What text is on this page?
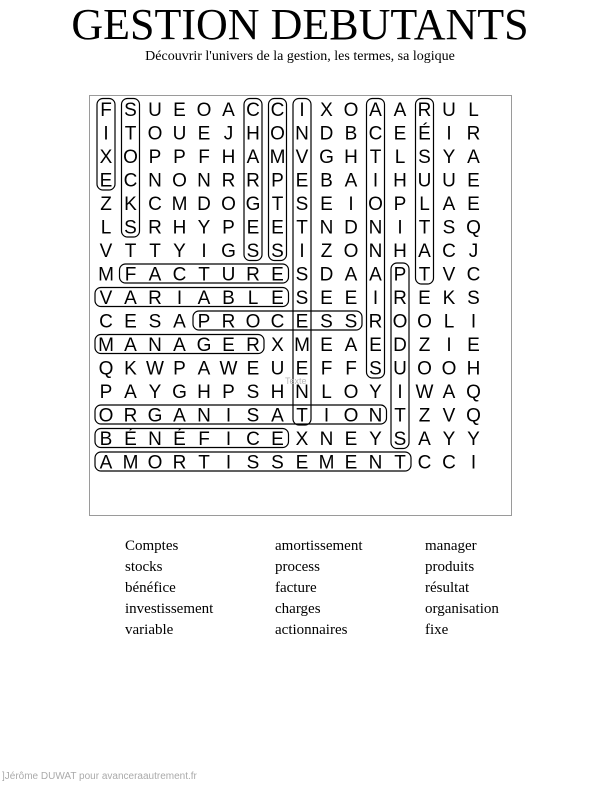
GESTION DEBUTANTS
Découvrir l'univers de la gestion, les termes, sa logique
F S U E O A C C I X O A A R U L
I T O U E J H O N D B C E É I R
X O P P F H A M V G H T L S Y A
E C N O N R R P E B A I H U U E
Z K C M D O G T S E I O P L A E
L S R H Y P E E T N D N I T S Q
V T T Y I G S S I Z O N H A C J
M F A C T U R E S D A A P T V C
V A R I A B L E S E E I R E K S
C E S A P R O C E S S R O O L I
M A N A G E R X M E A E D Z I E
Q K W P A W E U E F F S U O O H
P A Y G H P S H N L O Y I W A Q
O R G A N I S A T I O N T Z V Q
B É N É F I C E X N E Y S A Y Y
A M O R T I S S E M E N T C C I
Texte
Comptes
stocks
bénéfice
investissement
variable
amortissement
process
facture
charges
actionnaires
manager
produits
résultat
organisation
fixe
]Jérôme DUWAT pour avanceraautrement.fr
